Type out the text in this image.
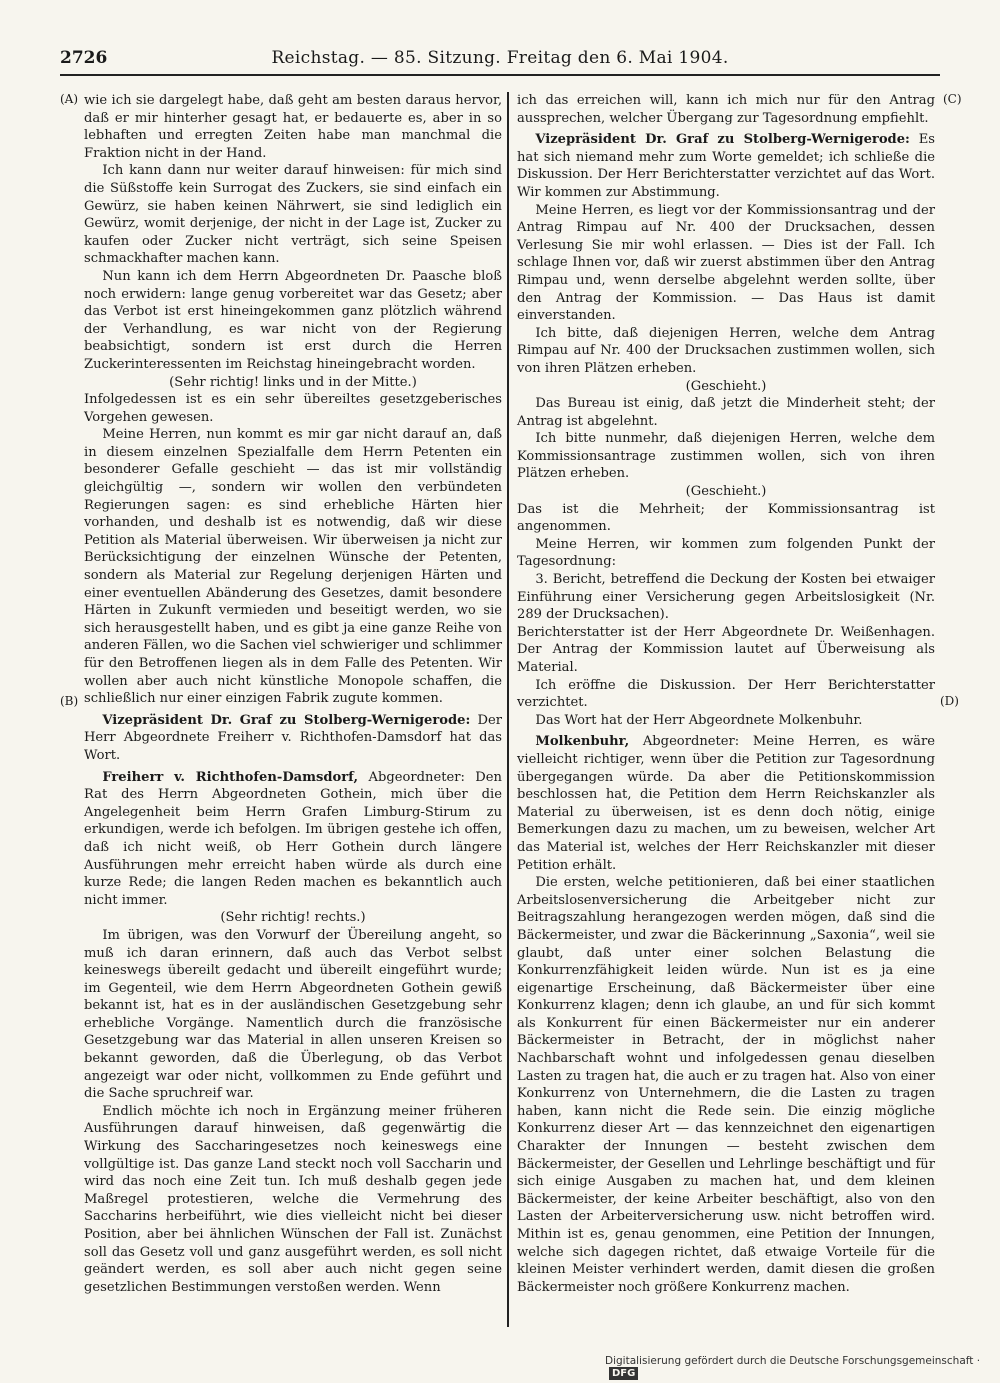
2726	Reichstag. — 85. Sitzung. Freitag den 6. Mai 1904.
(A)
(B)
(C)
(D)

wie ich sie dargelegt habe, daß geht am besten daraus hervor, daß er mir hinterher gesagt hat, er bedauerte es, aber in so lebhaften und erregten Zeiten habe man manchmal die Fraktion nicht in der Hand.

Ich kann dann nur weiter darauf hinweisen: für mich sind die Süßstoffe kein Surrogat des Zuckers, sie sind einfach ein Gewürz, sie haben keinen Nährwert, sie sind lediglich ein Gewürz, womit derjenige, der nicht in der Lage ist, Zucker zu kaufen oder Zucker nicht verträgt, sich seine Speisen schmackhafter machen kann.

Nun kann ich dem Herrn Abgeordneten Dr. Paasche bloß noch erwidern: lange genug vorbereitet war das Gesetz; aber das Verbot ist erst hineingekommen ganz plötzlich während der Verhandlung, es war nicht von der Regierung beabsichtigt, sondern ist erst durch die Herren Zuckerinteressenten im Reichstag hineingebracht worden.

(Sehr richtig! links und in der Mitte.)

Infolgedessen ist es ein sehr übereiltes gesetzgeberisches Vorgehen gewesen.

Meine Herren, nun kommt es mir gar nicht darauf an, daß in diesem einzelnen Spezialfalle dem Herrn Petenten ein besonderer Gefalle geschieht — das ist mir vollständig gleichgültig —, sondern wir wollen den verbündeten Regierungen sagen: es sind erhebliche Härten hier vorhanden, und deshalb ist es notwendig, daß wir diese Petition als Material überweisen. Wir überweisen ja nicht zur Berücksichtigung der einzelnen Wünsche der Petenten, sondern als Material zur Regelung derjenigen Härten und einer eventuellen Abänderung des Gesetzes, damit besondere Härten in Zukunft vermieden und beseitigt werden, wo sie sich herausgestellt haben, und es gibt ja eine ganze Reihe von anderen Fällen, wo die Sachen viel schwieriger und schlimmer für den Betroffenen liegen als in dem Falle des Petenten. Wir wollen aber auch nicht künstliche Monopole schaffen, die schließlich nur einer einzigen Fabrik zugute kommen.

Vizepräsident Dr. Graf zu Stolberg-Wernigerode: Der Herr Abgeordnete Freiherr v. Richthofen-Damsdorf hat das Wort.

Freiherr v. Richthofen-Damsdorf, Abgeordneter: Den Rat des Herrn Abgeordneten Gothein, mich über die Angelegenheit beim Herrn Grafen Limburg-Stirum zu erkundigen, werde ich befolgen. Im übrigen gestehe ich offen, daß ich nicht weiß, ob Herr Gothein durch längere Ausführungen mehr erreicht haben würde als durch eine kurze Rede; die langen Reden machen es bekanntlich auch nicht immer.

(Sehr richtig! rechts.)

Im übrigen, was den Vorwurf der Übereilung angeht, so muß ich daran erinnern, daß auch das Verbot selbst keineswegs übereilt gedacht und übereilt eingeführt wurde; im Gegenteil, wie dem Herrn Abgeordneten Gothein gewiß bekannt ist, hat es in der ausländischen Gesetzgebung sehr erhebliche Vorgänge. Namentlich durch die französische Gesetzgebung war das Material in allen unseren Kreisen so bekannt geworden, daß die Überlegung, ob das Verbot angezeigt war oder nicht, vollkommen zu Ende geführt und die Sache spruchreif war.

Endlich möchte ich noch in Ergänzung meiner früheren Ausführungen darauf hinweisen, daß gegenwärtig die Wirkung des Saccharingesetzes noch keineswegs eine vollgültige ist. Das ganze Land steckt noch voll Saccharin und wird das noch eine Zeit tun. Ich muß deshalb gegen jede Maßregel protestieren, welche die Vermehrung des Saccharins herbeiführt, wie dies vielleicht nicht bei dieser Position, aber bei ähnlichen Wünschen der Fall ist. Zunächst soll das Gesetz voll und ganz ausgeführt werden, es soll nicht geändert werden, es soll aber auch nicht gegen seine gesetzlichen Bestimmungen verstoßen werden. Wenn

ich das erreichen will, kann ich mich nur für den Antrag aussprechen, welcher Übergang zur Tagesordnung empfiehlt.

Vizepräsident Dr. Graf zu Stolberg-Wernigerode: Es hat sich niemand mehr zum Worte gemeldet; ich schließe die Diskussion. Der Herr Berichterstatter verzichtet auf das Wort. Wir kommen zur Abstimmung.

Meine Herren, es liegt vor der Kommissionsantrag und der Antrag Rimpau auf Nr. 400 der Drucksachen, dessen Verlesung Sie mir wohl erlassen. — Dies ist der Fall. Ich schlage Ihnen vor, daß wir zuerst abstimmen über den Antrag Rimpau und, wenn derselbe abgelehnt werden sollte, über den Antrag der Kommission. — Das Haus ist damit einverstanden.

Ich bitte, daß diejenigen Herren, welche dem Antrag Rimpau auf Nr. 400 der Drucksachen zustimmen wollen, sich von ihren Plätzen erheben.

(Geschieht.)

Das Bureau ist einig, daß jetzt die Minderheit steht; der Antrag ist abgelehnt.

Ich bitte nunmehr, daß diejenigen Herren, welche dem Kommissionsantrage zustimmen wollen, sich von ihren Plätzen erheben.

(Geschieht.)

Das ist die Mehrheit; der Kommissionsantrag ist angenommen.

Meine Herren, wir kommen zum folgenden Punkt der Tagesordnung:

3. Bericht, betreffend die Deckung der Kosten bei etwaiger Einführung einer Versicherung gegen Arbeitslosigkeit (Nr. 289 der Drucksachen).

Berichterstatter ist der Herr Abgeordnete Dr. Weißenhagen. Der Antrag der Kommission lautet auf Überweisung als Material.

Ich eröffne die Diskussion. Der Herr Berichterstatter verzichtet.

Das Wort hat der Herr Abgeordnete Molkenbuhr.

Molkenbuhr, Abgeordneter: Meine Herren, es wäre vielleicht richtiger, wenn über die Petition zur Tagesordnung übergegangen würde. Da aber die Petitionskommission beschlossen hat, die Petition dem Herrn Reichskanzler als Material zu überweisen, ist es denn doch nötig, einige Bemerkungen dazu zu machen, um zu beweisen, welcher Art das Material ist, welches der Herr Reichskanzler mit dieser Petition erhält.

Die ersten, welche petitionieren, daß bei einer staatlichen Arbeitslosenversicherung die Arbeitgeber nicht zur Beitragszahlung herangezogen werden mögen, daß sind die Bäckermeister, und zwar die Bäckerinnung „Saxonia“, weil sie glaubt, daß unter einer solchen Belastung die Konkurrenzfähigkeit leiden würde. Nun ist es ja eine eigenartige Erscheinung, daß Bäckermeister über eine Konkurrenz klagen; denn ich glaube, an und für sich kommt als Konkurrent für einen Bäckermeister nur ein anderer Bäckermeister in Betracht, der in möglichst naher Nachbarschaft wohnt und infolgedessen genau dieselben Lasten zu tragen hat, die auch er zu tragen hat. Also von einer Konkurrenz von Unternehmern, die die Lasten zu tragen haben, kann nicht die Rede sein. Die einzig mögliche Konkurrenz dieser Art — das kennzeichnet den eigenartigen Charakter der Innungen — besteht zwischen dem Bäckermeister, der Gesellen und Lehrlinge beschäftigt und für sich einige Ausgaben zu machen hat, und dem kleinen Bäckermeister, der keine Arbeiter beschäftigt, also von den Lasten der Arbeiterversicherung usw. nicht betroffen wird. Mithin ist es, genau genommen, eine Petition der Innungen, welche sich dagegen richtet, daß etwaige Vorteile für die kleinen Meister verhindert werden, damit diesen die großen Bäckermeister noch größere Konkurrenz machen.

Digitalisierung gefördert durch die Deutsche Forschungsgemeinschaft ·DFG
